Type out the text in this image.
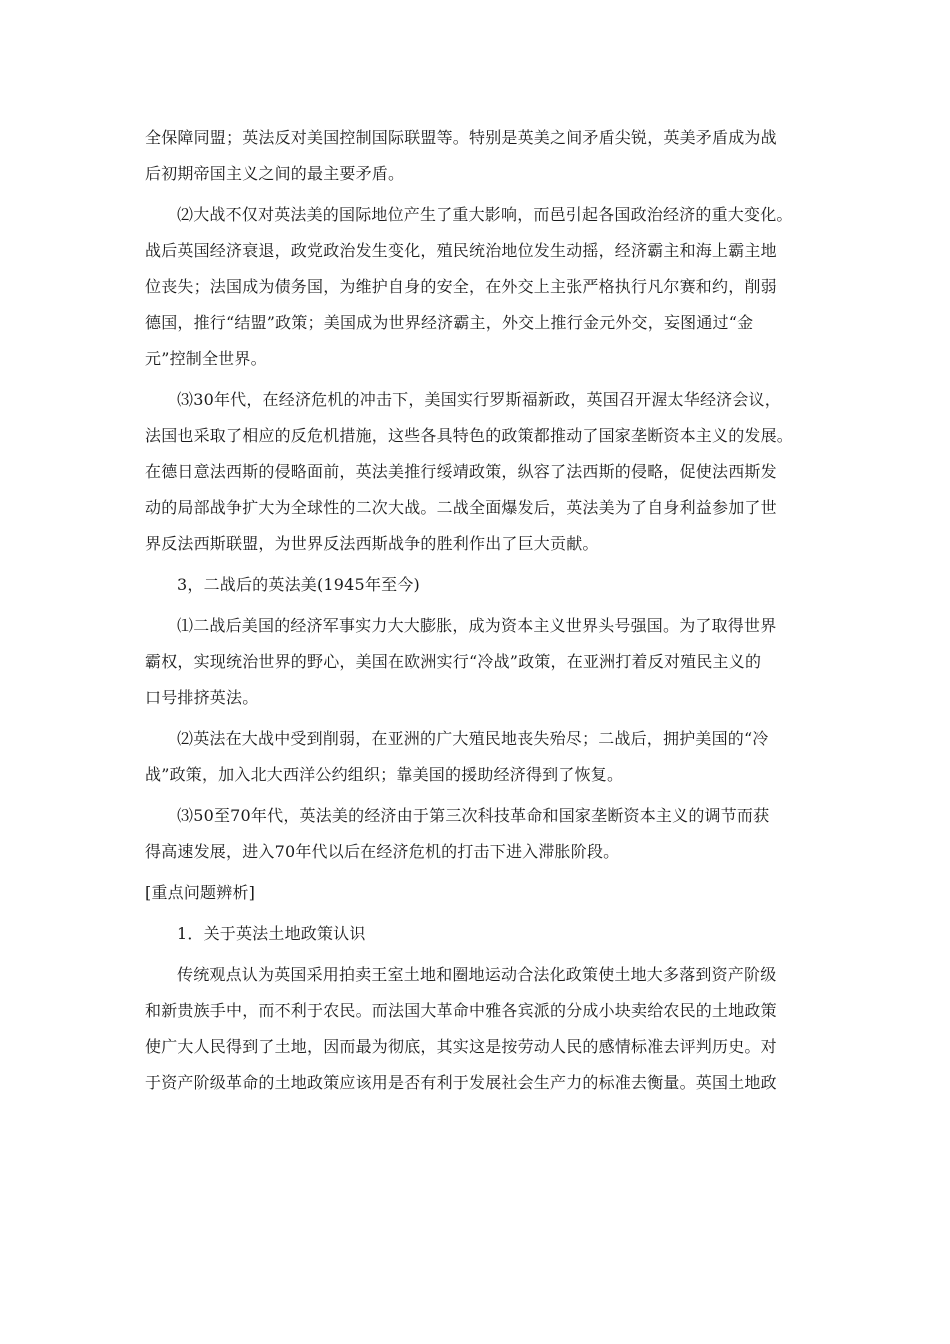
全保障同盟；英法反对美国控制国际联盟等。特别是英美之间矛盾尖锐，英美矛盾成为战
后初期帝国主义之间的最主要矛盾。
⑵大战不仅对英法美的国际地位产生了重大影响，而邑引起各国政治经济的重大变化。
战后英国经济衰退，政党政治发生变化，殖民统治地位发生动摇，经济霸主和海上霸主地
位丧失；法国成为债务国，为维护自身的安全，在外交上主张严格执行凡尔赛和约，削弱
德国，推行“结盟”政策；美国成为世界经济霸主，外交上推行金元外交，妄图通过“金
元”控制全世界。
⑶30年代，在经济危机的冲击下，美国实行罗斯福新政，英国召开渥太华经济会议，
法国也采取了相应的反危机措施，这些各具特色的政策都推动了国家垄断资本主义的发展。
在德日意法西斯的侵略面前，英法美推行绥靖政策，纵容了法西斯的侵略，促使法西斯发
动的局部战争扩大为全球性的二次大战。二战全面爆发后，英法美为了自身利益参加了世
界反法西斯联盟，为世界反法西斯战争的胜利作出了巨大贡献。
3，二战后的英法美(1945年至今)
⑴二战后美国的经济军事实力大大膨胀，成为资本主义世界头号强国。为了取得世界
霸权，实现统治世界的野心，美国在欧洲实行“冷战”政策，在亚洲打着反对殖民主义的
口号排挤英法。
⑵英法在大战中受到削弱，在亚洲的广大殖民地丧失殆尽；二战后，拥护美国的“冷
战”政策，加入北大西洋公约组织；靠美国的援助经济得到了恢复。
⑶50至70年代，英法美的经济由于第三次科技革命和国家垄断资本主义的调节而获
得高速发展，进入70年代以后在经济危机的打击下进入滞胀阶段。
[重点问题辨析]
1．关于英法土地政策认识
传统观点认为英国采用拍卖王室土地和圈地运动合法化政策使土地大多落到资产阶级
和新贵族手中，而不利于农民。而法国大革命中雅各宾派的分成小块卖给农民的土地政策
使广大人民得到了土地，因而最为彻底，其实这是按劳动人民的感情标准去评判历史。对
于资产阶级革命的土地政策应该用是否有利于发展社会生产力的标准去衡量。英国土地政
